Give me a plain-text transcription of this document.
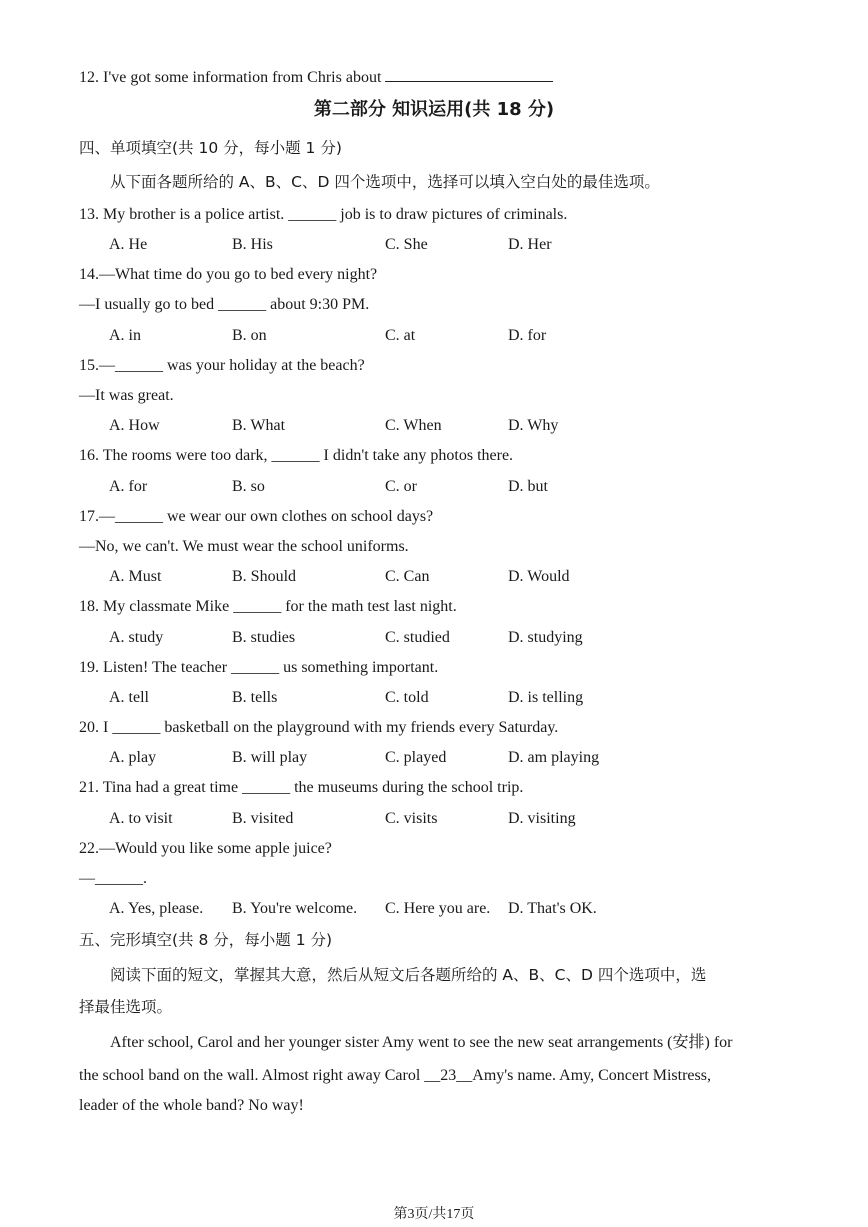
12. I've got some information from Chris about
第二部分 知识运用(共 18 分)
四、单项填空(共 10 分，每小题 1 分)
从下面各题所给的 A、B、C、D 四个选项中，选择可以填入空白处的最佳选项。
13. My brother is a police artist. ______ job is to draw pictures of criminals.
A. He	B. His	C. She	D. Her
14.—What time do you go to bed every night?
—I usually go to bed ______ about 9:30 PM.
A. in	B. on	C. at	D. for
15.—______ was your holiday at the beach?
—It was great.
A. How	B. What	C. When	D. Why
16. The rooms were too dark, ______ I didn't take any photos there.
A. for	B. so	C. or	D. but
17.—______ we wear our own clothes on school days?
—No, we can't. We must wear the school uniforms.
A. Must	B. Should	C. Can	D. Would
18. My classmate Mike ______ for the math test last night.
A. study	B. studies	C. studied	D. studying
19. Listen! The teacher ______ us something important.
A. tell	B. tells	C. told	D. is telling
20. I ______ basketball on the playground with my friends every Saturday.
A. play	B. will play	C. played	D. am playing
21. Tina had a great time ______ the museums during the school trip.
A. to visit	B. visited	C. visits	D. visiting
22.—Would you like some apple juice?
—______.
A. Yes, please. B. You're welcome. C. Here you are. D. That's OK.
五、完形填空(共 8 分，每小题 1 分)
阅读下面的短文，掌握其大意，然后从短文后各题所给的 A、B、C、D 四个选项中，选
择最佳选项。
After school, Carol and her younger sister Amy went to see the new seat arrangements (安排) for
the school band on the wall. Almost right away Carol __23__Amy's name. Amy, Concert Mistress,
leader of the whole band? No way!
第3页/共17页
